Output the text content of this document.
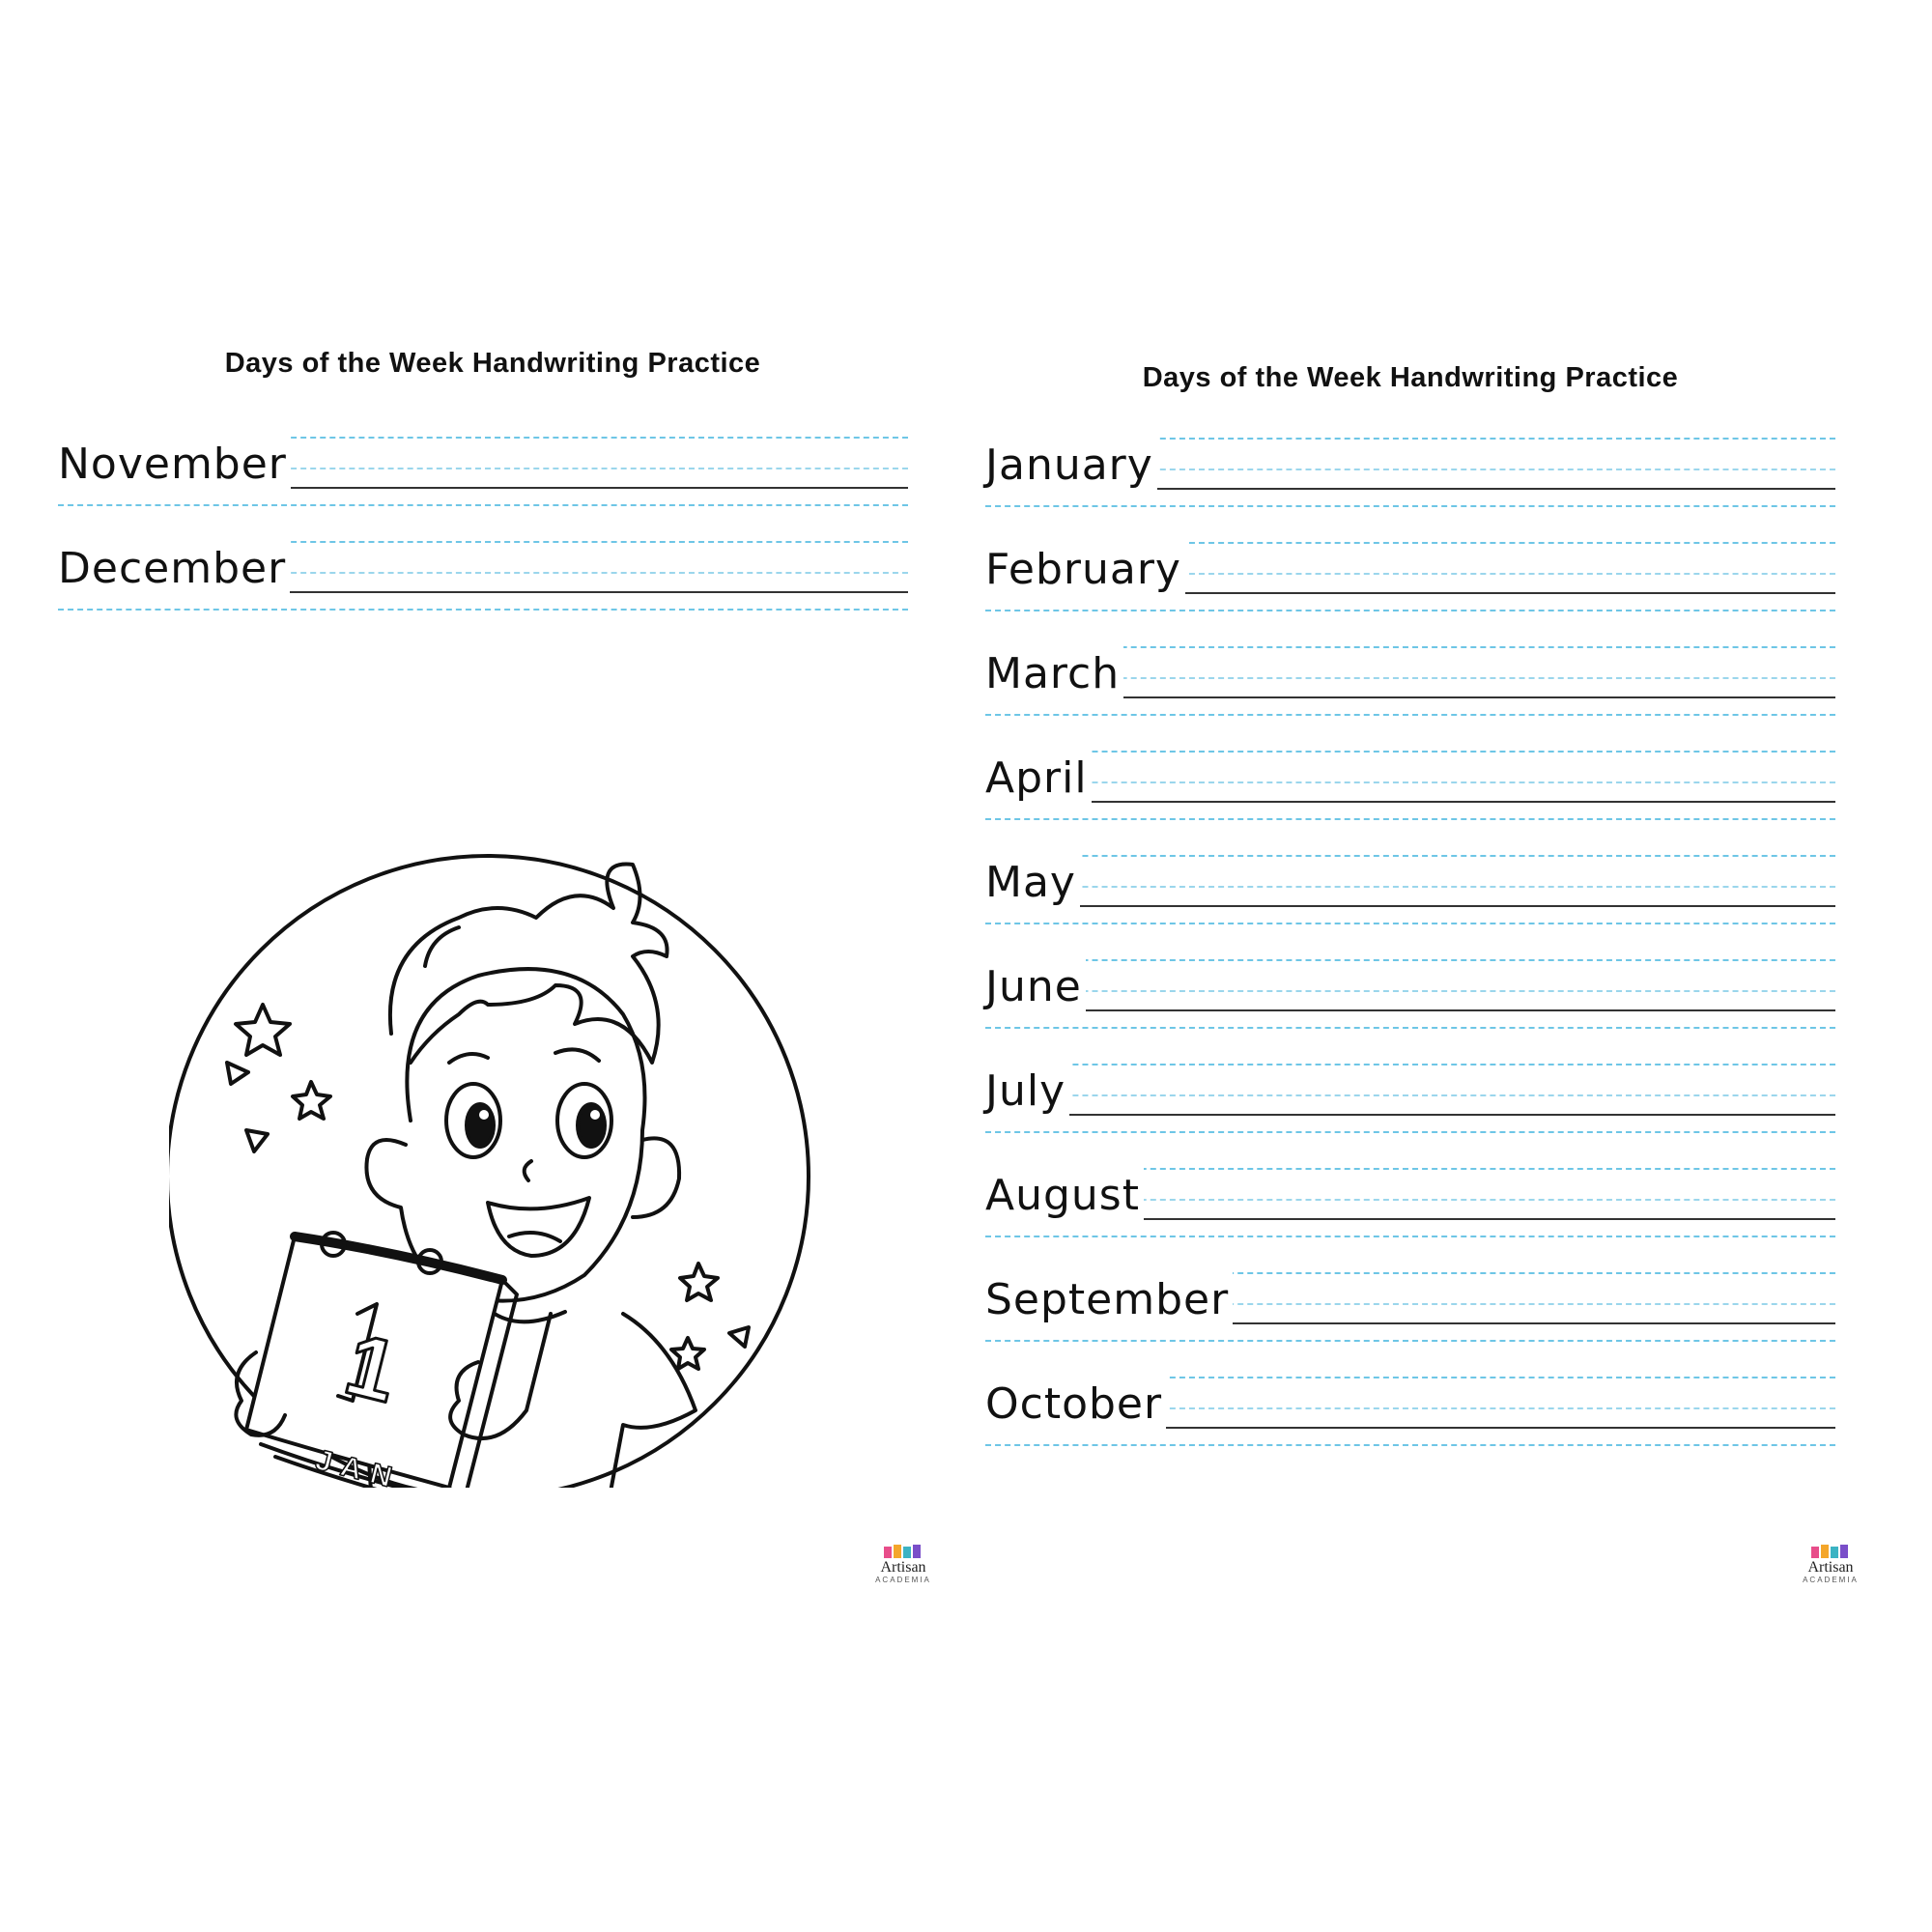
Days of the Week Handwriting Practice
November
December
JAN
1
Artisan
ACADEMIA
Days of the Week Handwriting Practice
January
February
March
April
May
June
July
August
September
October
Artisan
ACADEMIA
